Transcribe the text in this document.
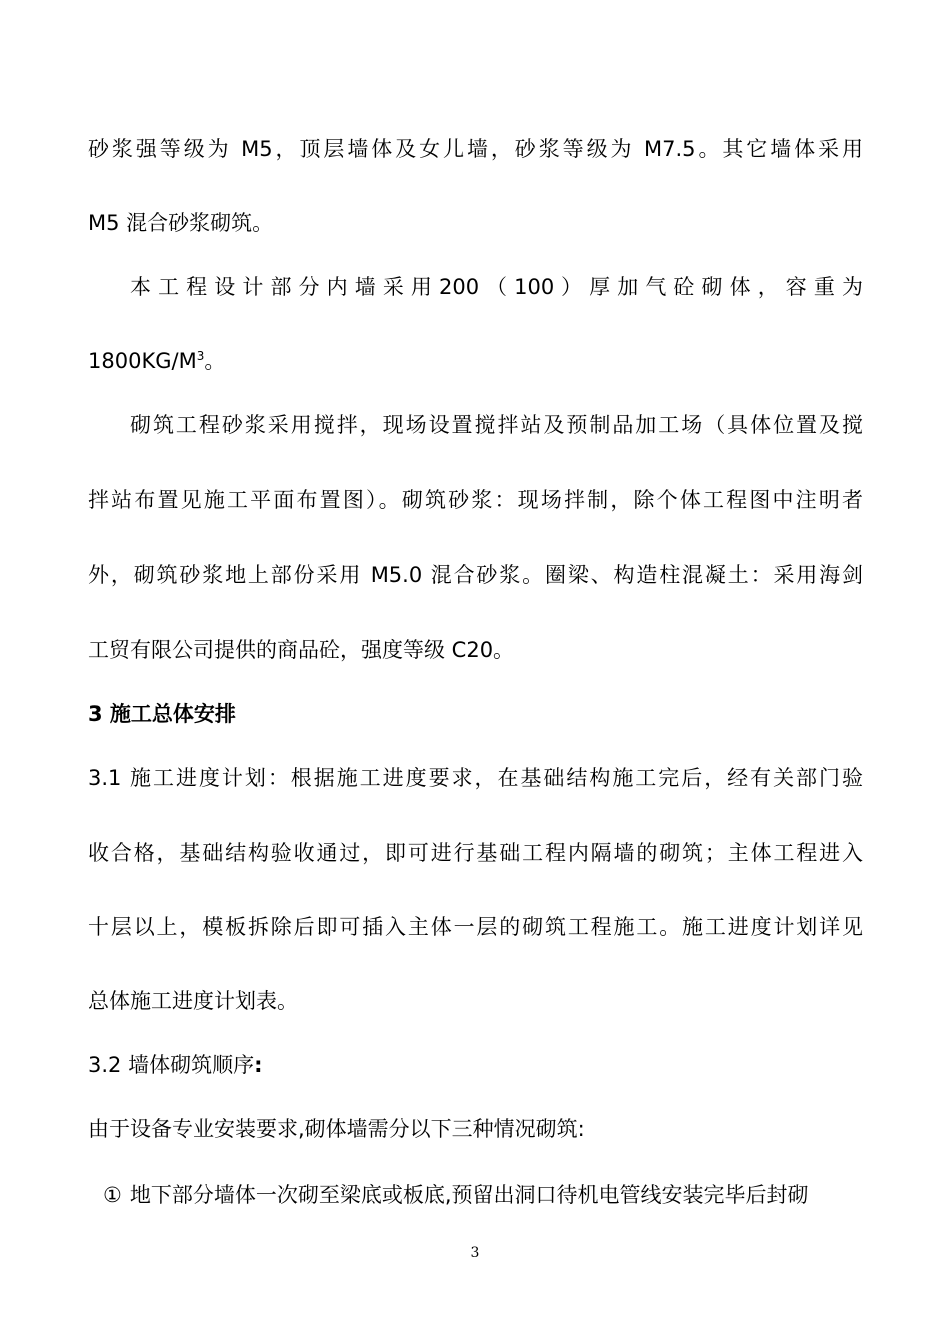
砂浆强等级为 M5，顶层墙体及女儿墙，砂浆等级为 M7.5。其它墙体采用
M5 混合砂浆砌筑。
本 工 程 设 计 部 分 内 墙 采 用 200 （ 100 ） 厚 加 气 砼 砌 体 ， 容 重 为
$1800KG/M^3$。
砌筑工程砂浆采用搅拌，现场设置搅拌站及预制品加工场（具体位置及搅
拌站布置见施工平面布置图）。砌筑砂浆：现场拌制，除个体工程图中注明者
外，砌筑砂浆地上部份采用 M5.0 混合砂浆。圈梁、构造柱混凝土：采用海剑
工贸有限公司提供的商品砼，强度等级 C20。
3 施工总体安排
3.1 施工进度计划：根据施工进度要求，在基础结构施工完后，经有关部门验
收合格，基础结构验收通过，即可进行基础工程内隔墙的砌筑；主体工程进入
十层以上，模板拆除后即可插入主体一层的砌筑工程施工。施工进度计划详见
总体施工进度计划表。
3.2 墙体砌筑顺序:
由于设备专业安装要求,砌体墙需分以下三种情况砌筑:
① 地下部分墙体一次砌至梁底或板底,预留出洞口待机电管线安装完毕后封砌
3
